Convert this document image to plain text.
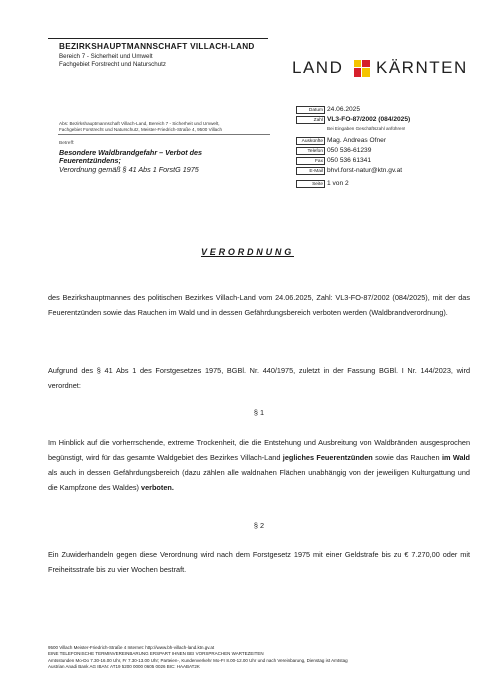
BEZIRKSHAUPTMANNSCHAFT VILLACH-LAND
Bereich 7 - Sicherheit und Umwelt
Fachgebiet Forstrecht und Naturschutz	LAND KÄRNTEN
Abs: Bezirkshauptmannschaft Villach-Land, Bereich 7 - Sicherheit und Umwelt,
Fachgebiet Forstrecht und Naturschutz, Meister-Friedrich-Straße 4, 9500 Villach
Betreff:
Besondere Waldbrandgefahr – Verbot des
Feuerentzündens;
Verordnung gemäß § 41 Abs 1 ForstG 1975
Datum 24.06.2025
Zahl VL3-FO-87/2002 (084/2025)
Bei Eingaben Geschäftszahl anführen!
Auskünfte Mag. Andreas Ofner
Telefon 050 536-61239
Fax 050 536 61341
E-Mail bhvl.forst-natur@ktn.gv.at
Seite 1 von 2
VERORDNUNG
des Bezirkshauptmannes des politischen Bezirkes Villach-Land vom 24.06.2025, Zahl: VL3-FO-87/2002 (084/2025), mit der das Feuerentzünden sowie das Rauchen im Wald und in dessen Gefährdungsbereich verboten werden (Waldbrandverordnung).
Aufgrund des § 41 Abs 1 des Forstgesetzes 1975, BGBl. Nr. 440/1975, zuletzt in der Fassung BGBl. I Nr. 144/2023, wird verordnet:
§ 1
Im Hinblick auf die vorherrschende, extreme Trockenheit, die die Entstehung und Ausbreitung von Waldbränden ausgesprochen begünstigt, wird für das gesamte Waldgebiet des Bezirkes Villach-Land jegliches Feuerentzünden sowie das Rauchen im Wald als auch in dessen Gefährdungsbereich (dazu zählen alle waldnahen Flächen unabhängig von der jeweiligen Kulturgattung und die Kampfzone des Waldes) verboten.
§ 2
Ein Zuwiderhandeln gegen diese Verordnung wird nach dem Forstgesetz 1975 mit einer Geldstrafe bis zu € 7.270,00 oder mit Freiheitsstrafe bis zu vier Wochen bestraft.
9500 Villach Meister-Friedrich-Straße 4 Internet: http://www.bh-villach-land.ktn.gv.at
EINE TELEFONISCHE TERMINVEREINBARUNG ERSPART IHNEN BEI VORSPRACHEN WARTEZEITEN
Amtsstunden Mo-Do 7.30-16.00 Uhr, Fr 7.30-13.00 Uhr; Parteien-, Kundenverkehr Mo-Fr 8.00-12.00 Uhr und nach Vereinbarung, Dienstag ist Amtstag
Austrian Anadi Bank AG IBAN: AT19 5200 0000 0605 0026 BIC: HAABAT2K
